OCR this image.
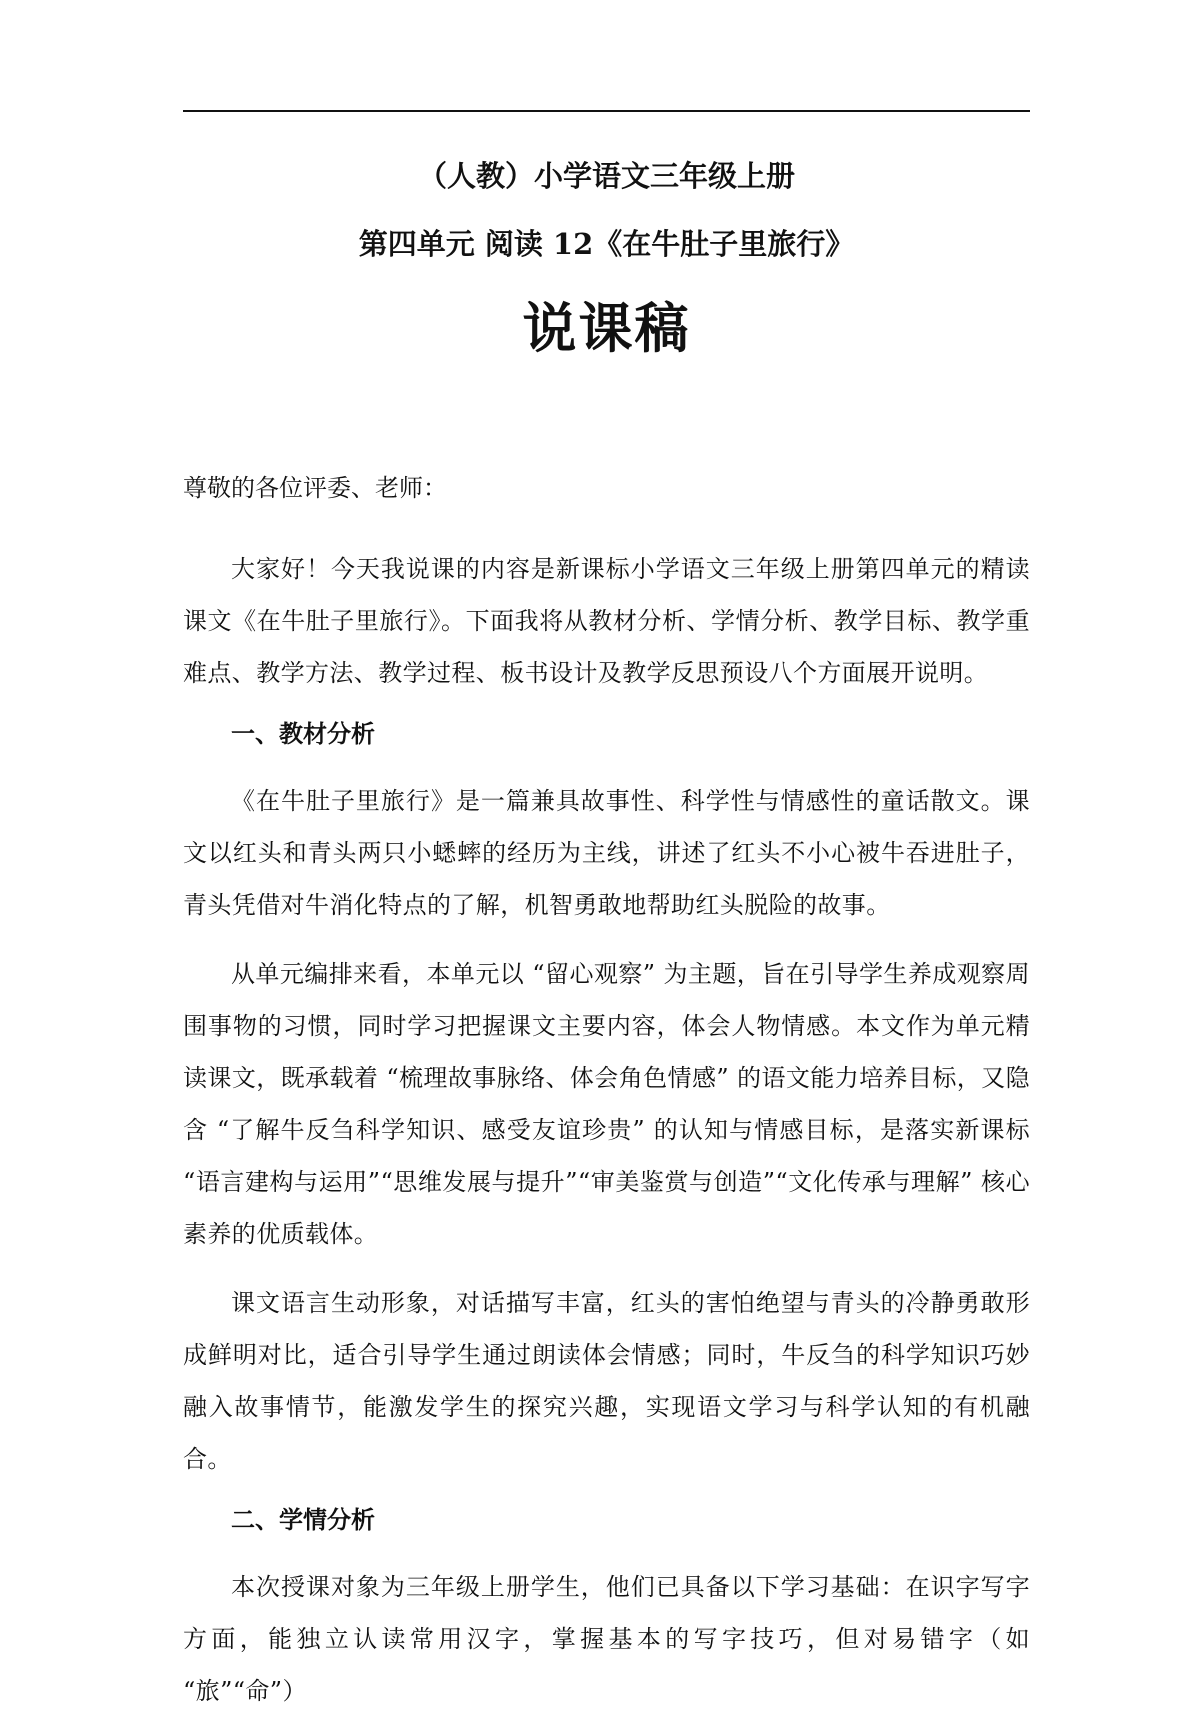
（人教）小学语文三年级上册
第四单元 阅读 12《在牛肚子里旅行》
说课稿
尊敬的各位评委、老师：

大家好！今天我说课的内容是新课标小学语文三年级上册第四单元的精读课文《在牛肚子里旅行》。下面我将从教材分析、学情分析、教学目标、教学重难点、教学方法、教学过程、板书设计及教学反思预设八个方面展开说明。

一、教材分析

《在牛肚子里旅行》是一篇兼具故事性、科学性与情感性的童话散文。课文以红头和青头两只小蟋蟀的经历为主线，讲述了红头不小心被牛吞进肚子，青头凭借对牛消化特点的了解，机智勇敢地帮助红头脱险的故事。

从单元编排来看，本单元以 “留心观察” 为主题，旨在引导学生养成观察周围事物的习惯，同时学习把握课文主要内容，体会人物情感。本文作为单元精读课文，既承载着 “梳理故事脉络、体会角色情感” 的语文能力培养目标，又隐含 “了解牛反刍科学知识、感受友谊珍贵” 的认知与情感目标，是落实新课标 “语言建构与运用”“思维发展与提升”“审美鉴赏与创造”“文化传承与理解” 核心素养的优质载体。

课文语言生动形象，对话描写丰富，红头的害怕绝望与青头的冷静勇敢形成鲜明对比，适合引导学生通过朗读体会情感；同时，牛反刍的科学知识巧妙融入故事情节，能激发学生的探究兴趣，实现语文学习与科学认知的有机融合。

二、学情分析

本次授课对象为三年级上册学生，他们已具备以下学习基础：在识字写字方面，能独立认读常用汉字，掌握基本的写字技巧，但对易错字（如 “旅”“命”）
